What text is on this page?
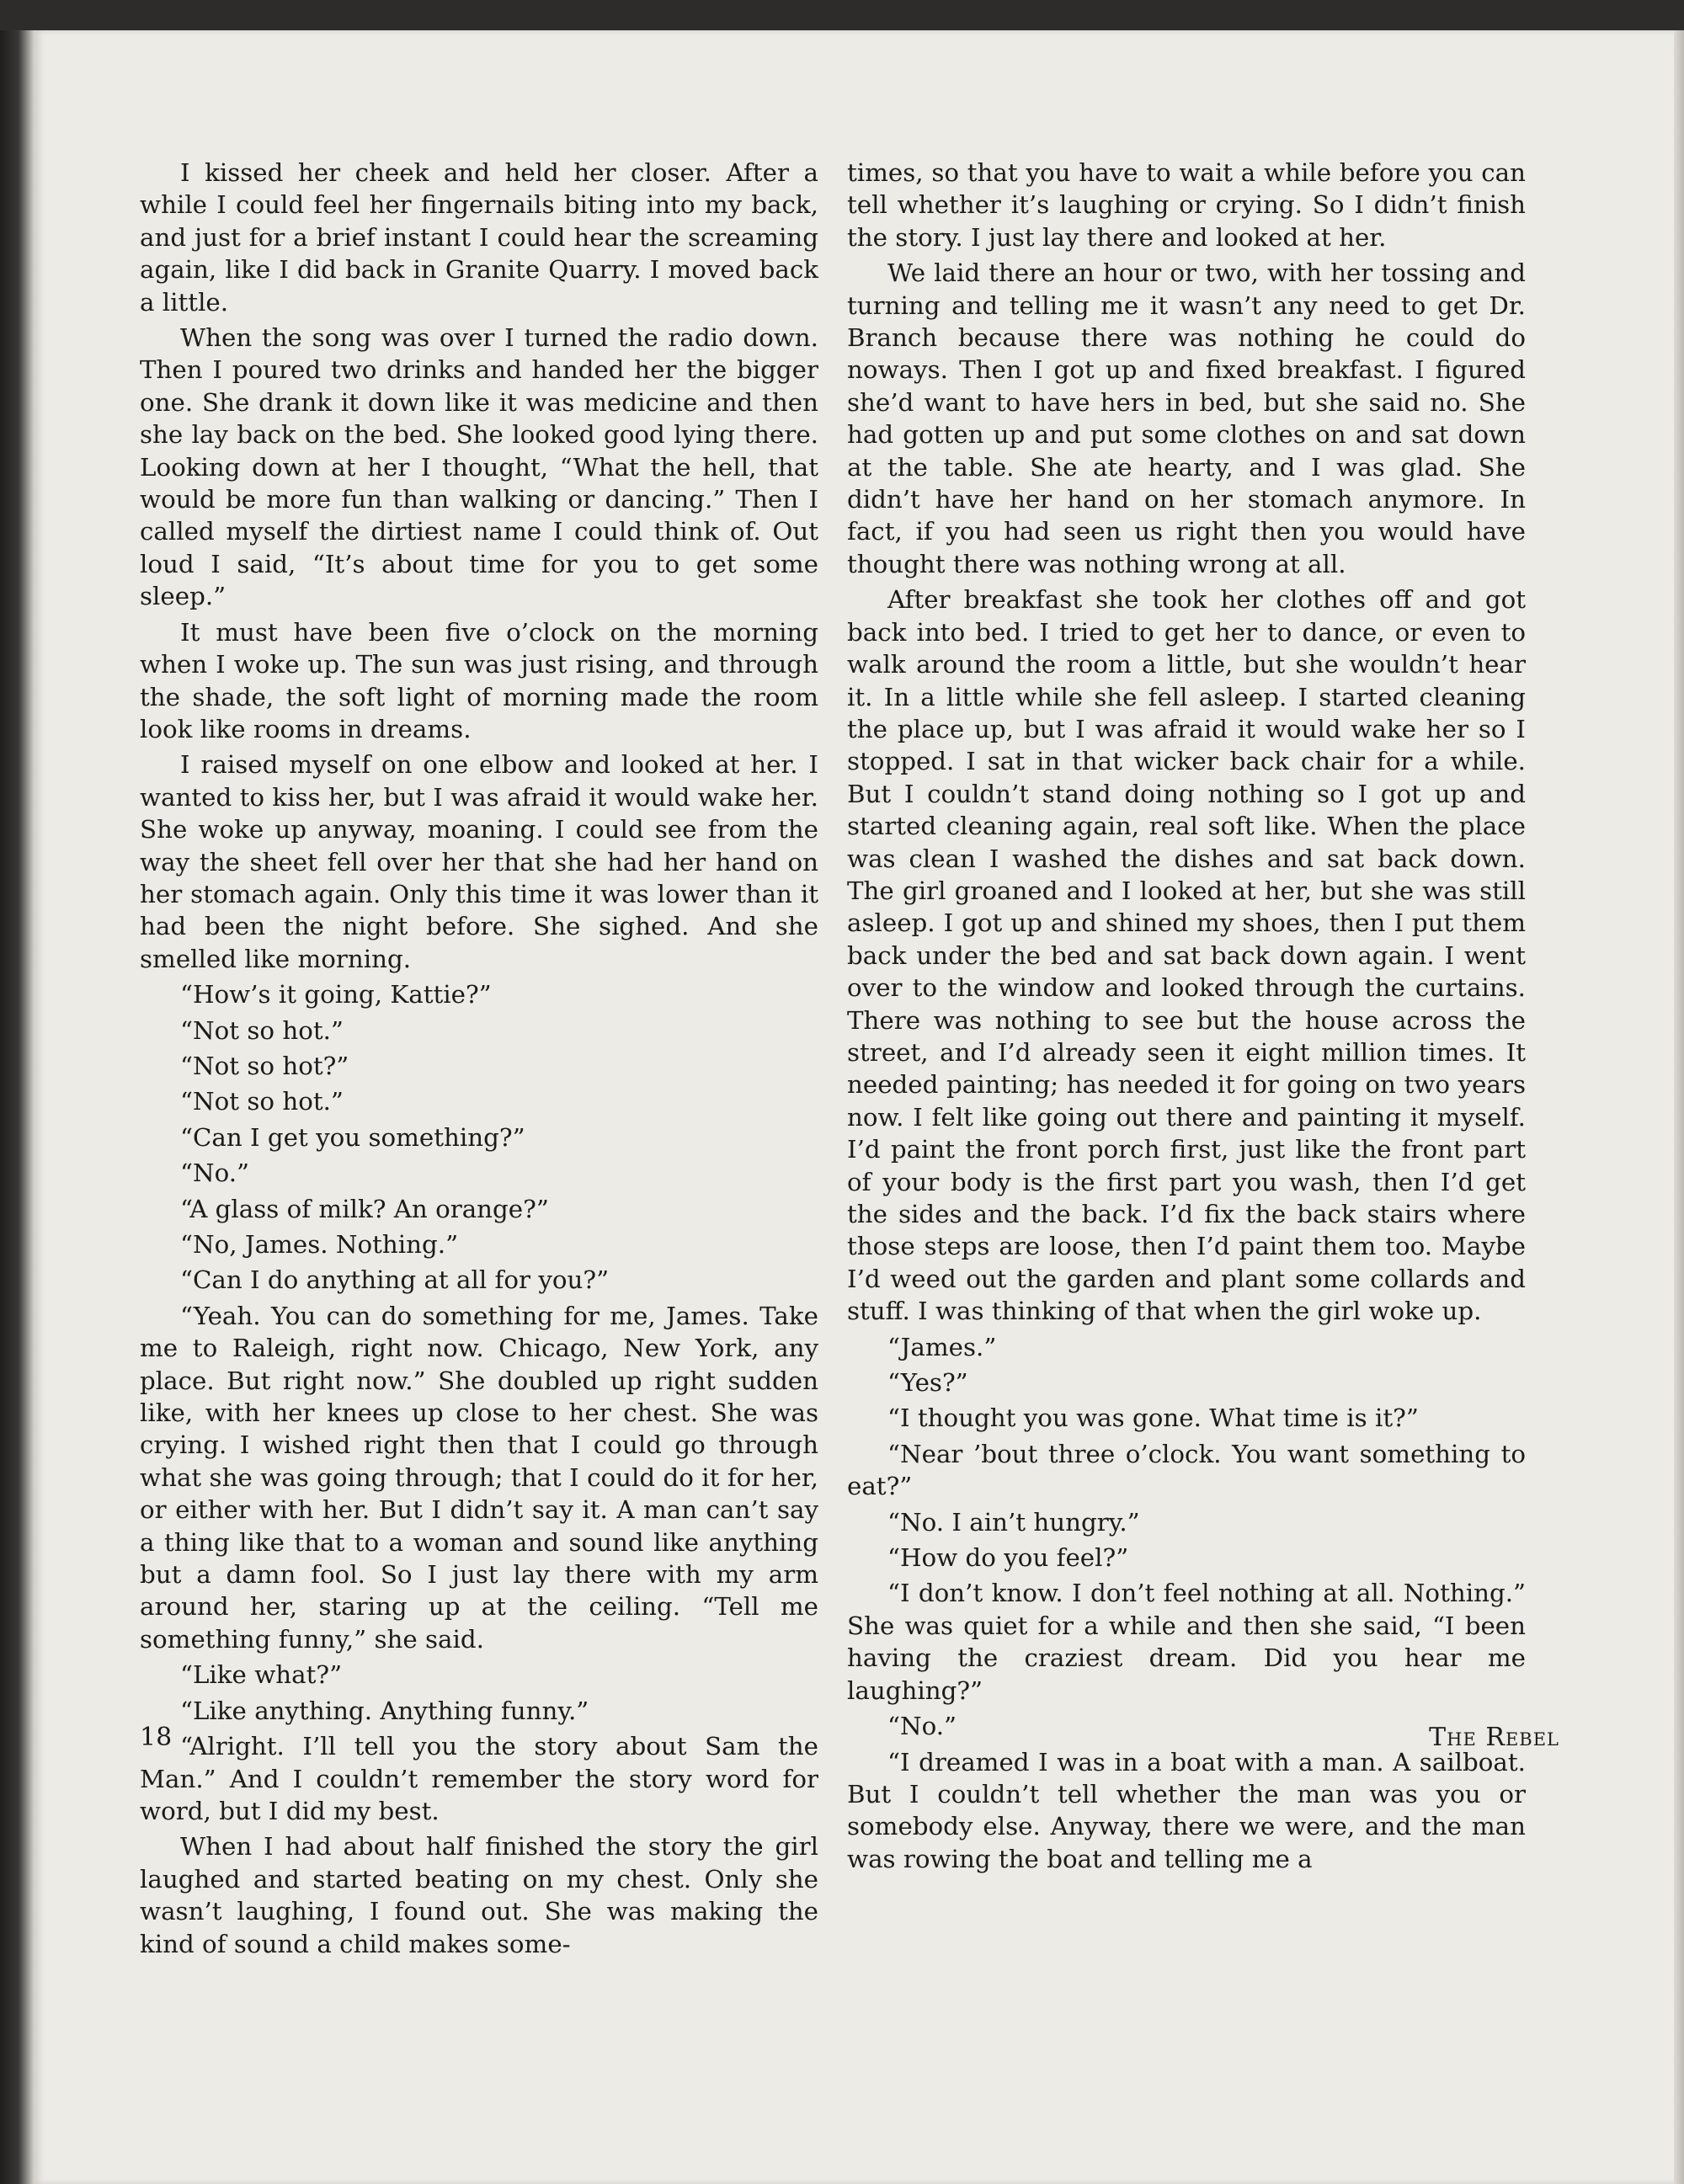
I kissed her cheek and held her closer. After a while I could feel her fingernails biting into my back, and just for a brief instant I could hear the screaming again, like I did back in Granite Quarry. I moved back a little.

When the song was over I turned the radio down. Then I poured two drinks and handed her the bigger one. She drank it down like it was medicine and then she lay back on the bed. She looked good lying there. Looking down at her I thought, “What the hell, that would be more fun than walking or dancing.” Then I called myself the dirtiest name I could think of. Out loud I said, “It’s about time for you to get some sleep.”

It must have been five o’clock on the morning when I woke up. The sun was just rising, and through the shade, the soft light of morning made the room look like rooms in dreams.

I raised myself on one elbow and looked at her. I wanted to kiss her, but I was afraid it would wake her. She woke up anyway, moaning. I could see from the way the sheet fell over her that she had her hand on her stomach again. Only this time it was lower than it had been the night before. She sighed. And she smelled like morning.

“How’s it going, Kattie?”

“Not so hot.”

“Not so hot?”

“Not so hot.”

“Can I get you something?”

“No.”

“A glass of milk? An orange?”

“No, James. Nothing.”

“Can I do anything at all for you?”

“Yeah. You can do something for me, James. Take me to Raleigh, right now. Chicago, New York, any place. But right now.” She doubled up right sudden like, with her knees up close to her chest. She was crying. I wished right then that I could go through what she was going through; that I could do it for her, or either with her. But I didn’t say it. A man can’t say a thing like that to a woman and sound like anything but a damn fool. So I just lay there with my arm around her, staring up at the ceiling. “Tell me something funny,” she said.

“Like what?”

“Like anything. Anything funny.”

“Alright. I’ll tell you the story about Sam the Man.” And I couldn’t remember the story word for word, but I did my best.

When I had about half finished the story the girl laughed and started beating on my chest. Only she wasn’t laughing, I found out. She was making the kind of sound a child makes some-

times, so that you have to wait a while before you can tell whether it’s laughing or crying. So I didn’t finish the story. I just lay there and looked at her.

We laid there an hour or two, with her tossing and turning and telling me it wasn’t any need to get Dr. Branch because there was nothing he could do noways. Then I got up and fixed breakfast. I figured she’d want to have hers in bed, but she said no. She had gotten up and put some clothes on and sat down at the table. She ate hearty, and I was glad. She didn’t have her hand on her stomach anymore. In fact, if you had seen us right then you would have thought there was nothing wrong at all.

After breakfast she took her clothes off and got back into bed. I tried to get her to dance, or even to walk around the room a little, but she wouldn’t hear it. In a little while she fell asleep. I started cleaning the place up, but I was afraid it would wake her so I stopped. I sat in that wicker back chair for a while. But I couldn’t stand doing nothing so I got up and started cleaning again, real soft like. When the place was clean I washed the dishes and sat back down. The girl groaned and I looked at her, but she was still asleep. I got up and shined my shoes, then I put them back under the bed and sat back down again. I went over to the window and looked through the curtains. There was nothing to see but the house across the street, and I’d already seen it eight million times. It needed painting; has needed it for going on two years now. I felt like going out there and painting it myself. I’d paint the front porch first, just like the front part of your body is the first part you wash, then I’d get the sides and the back. I’d fix the back stairs where those steps are loose, then I’d paint them too. Maybe I’d weed out the garden and plant some collards and stuff. I was thinking of that when the girl woke up.

“James.”

“Yes?”

“I thought you was gone. What time is it?”

“Near ’bout three o’clock. You want something to eat?”

“No. I ain’t hungry.”

“How do you feel?”

“I don’t know. I don’t feel nothing at all. Nothing.” She was quiet for a while and then she said, “I been having the craziest dream. Did you hear me laughing?”

“No.”

“I dreamed I was in a boat with a man. A sailboat. But I couldn’t tell whether the man was you or somebody else. Anyway, there we were, and the man was rowing the boat and telling me a

18	The Rebel
